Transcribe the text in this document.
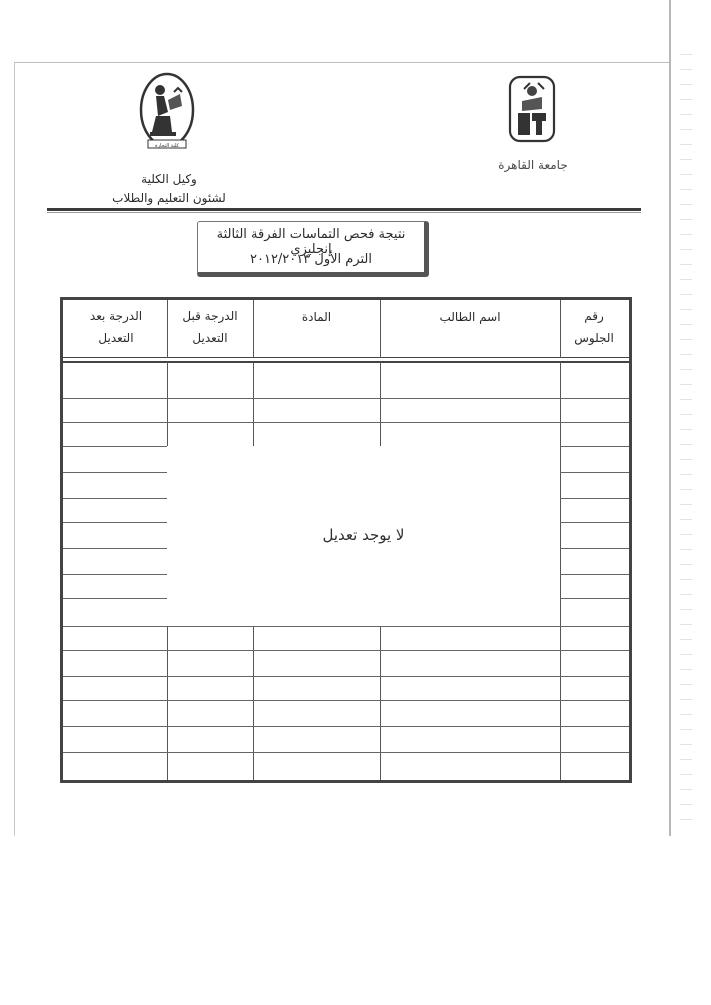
كلية التجارة
وكيل الكلية
لشئون التعليم والطلاب
جامعة القاهرة
نتيجة فحص التماسات الفرقة الثالثة إنجليزي
الترم الأول ٢٠١٢/٢٠١٣
رقم
الجلوس
اسم الطالب
المادة
الدرجة قبل
التعديل
الدرجة بعد
التعديل
لا يوجد تعديل
